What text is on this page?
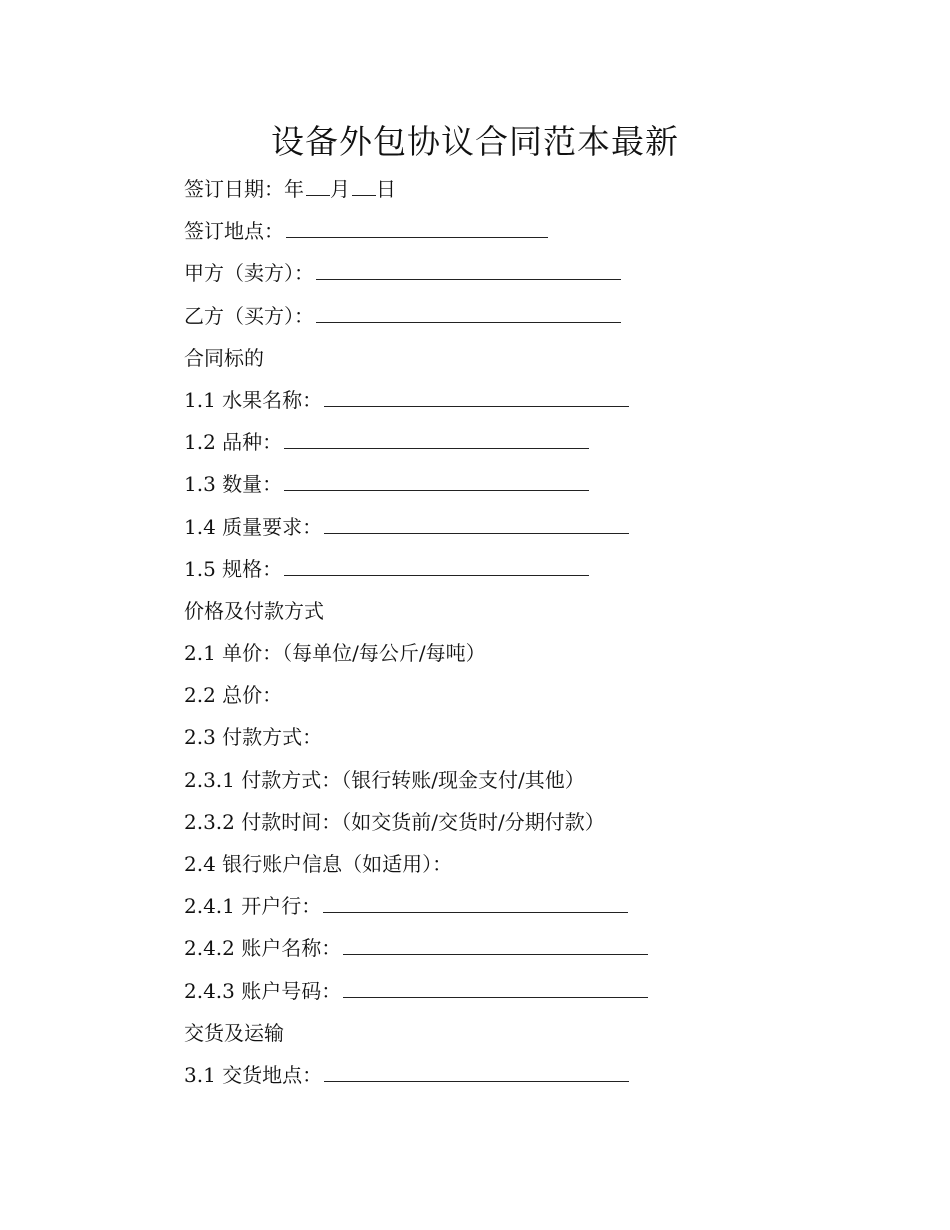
设备外包协议合同范本最新
签订日期：年 月 日
签订地点：
甲方（卖方）：
乙方（买方）：
合同标的
1.1 水果名称：
1.2 品种：
1.3 数量：
1.4 质量要求：
1.5 规格：
价格及付款方式
2.1 单价：（每单位/每公斤/每吨）
2.2 总价：
2.3 付款方式：
2.3.1 付款方式：（银行转账/现金支付/其他）
2.3.2 付款时间：（如交货前/交货时/分期付款）
2.4 银行账户信息（如适用）：
2.4.1 开户行：
2.4.2 账户名称：
2.4.3 账户号码：
交货及运输
3.1 交货地点：
